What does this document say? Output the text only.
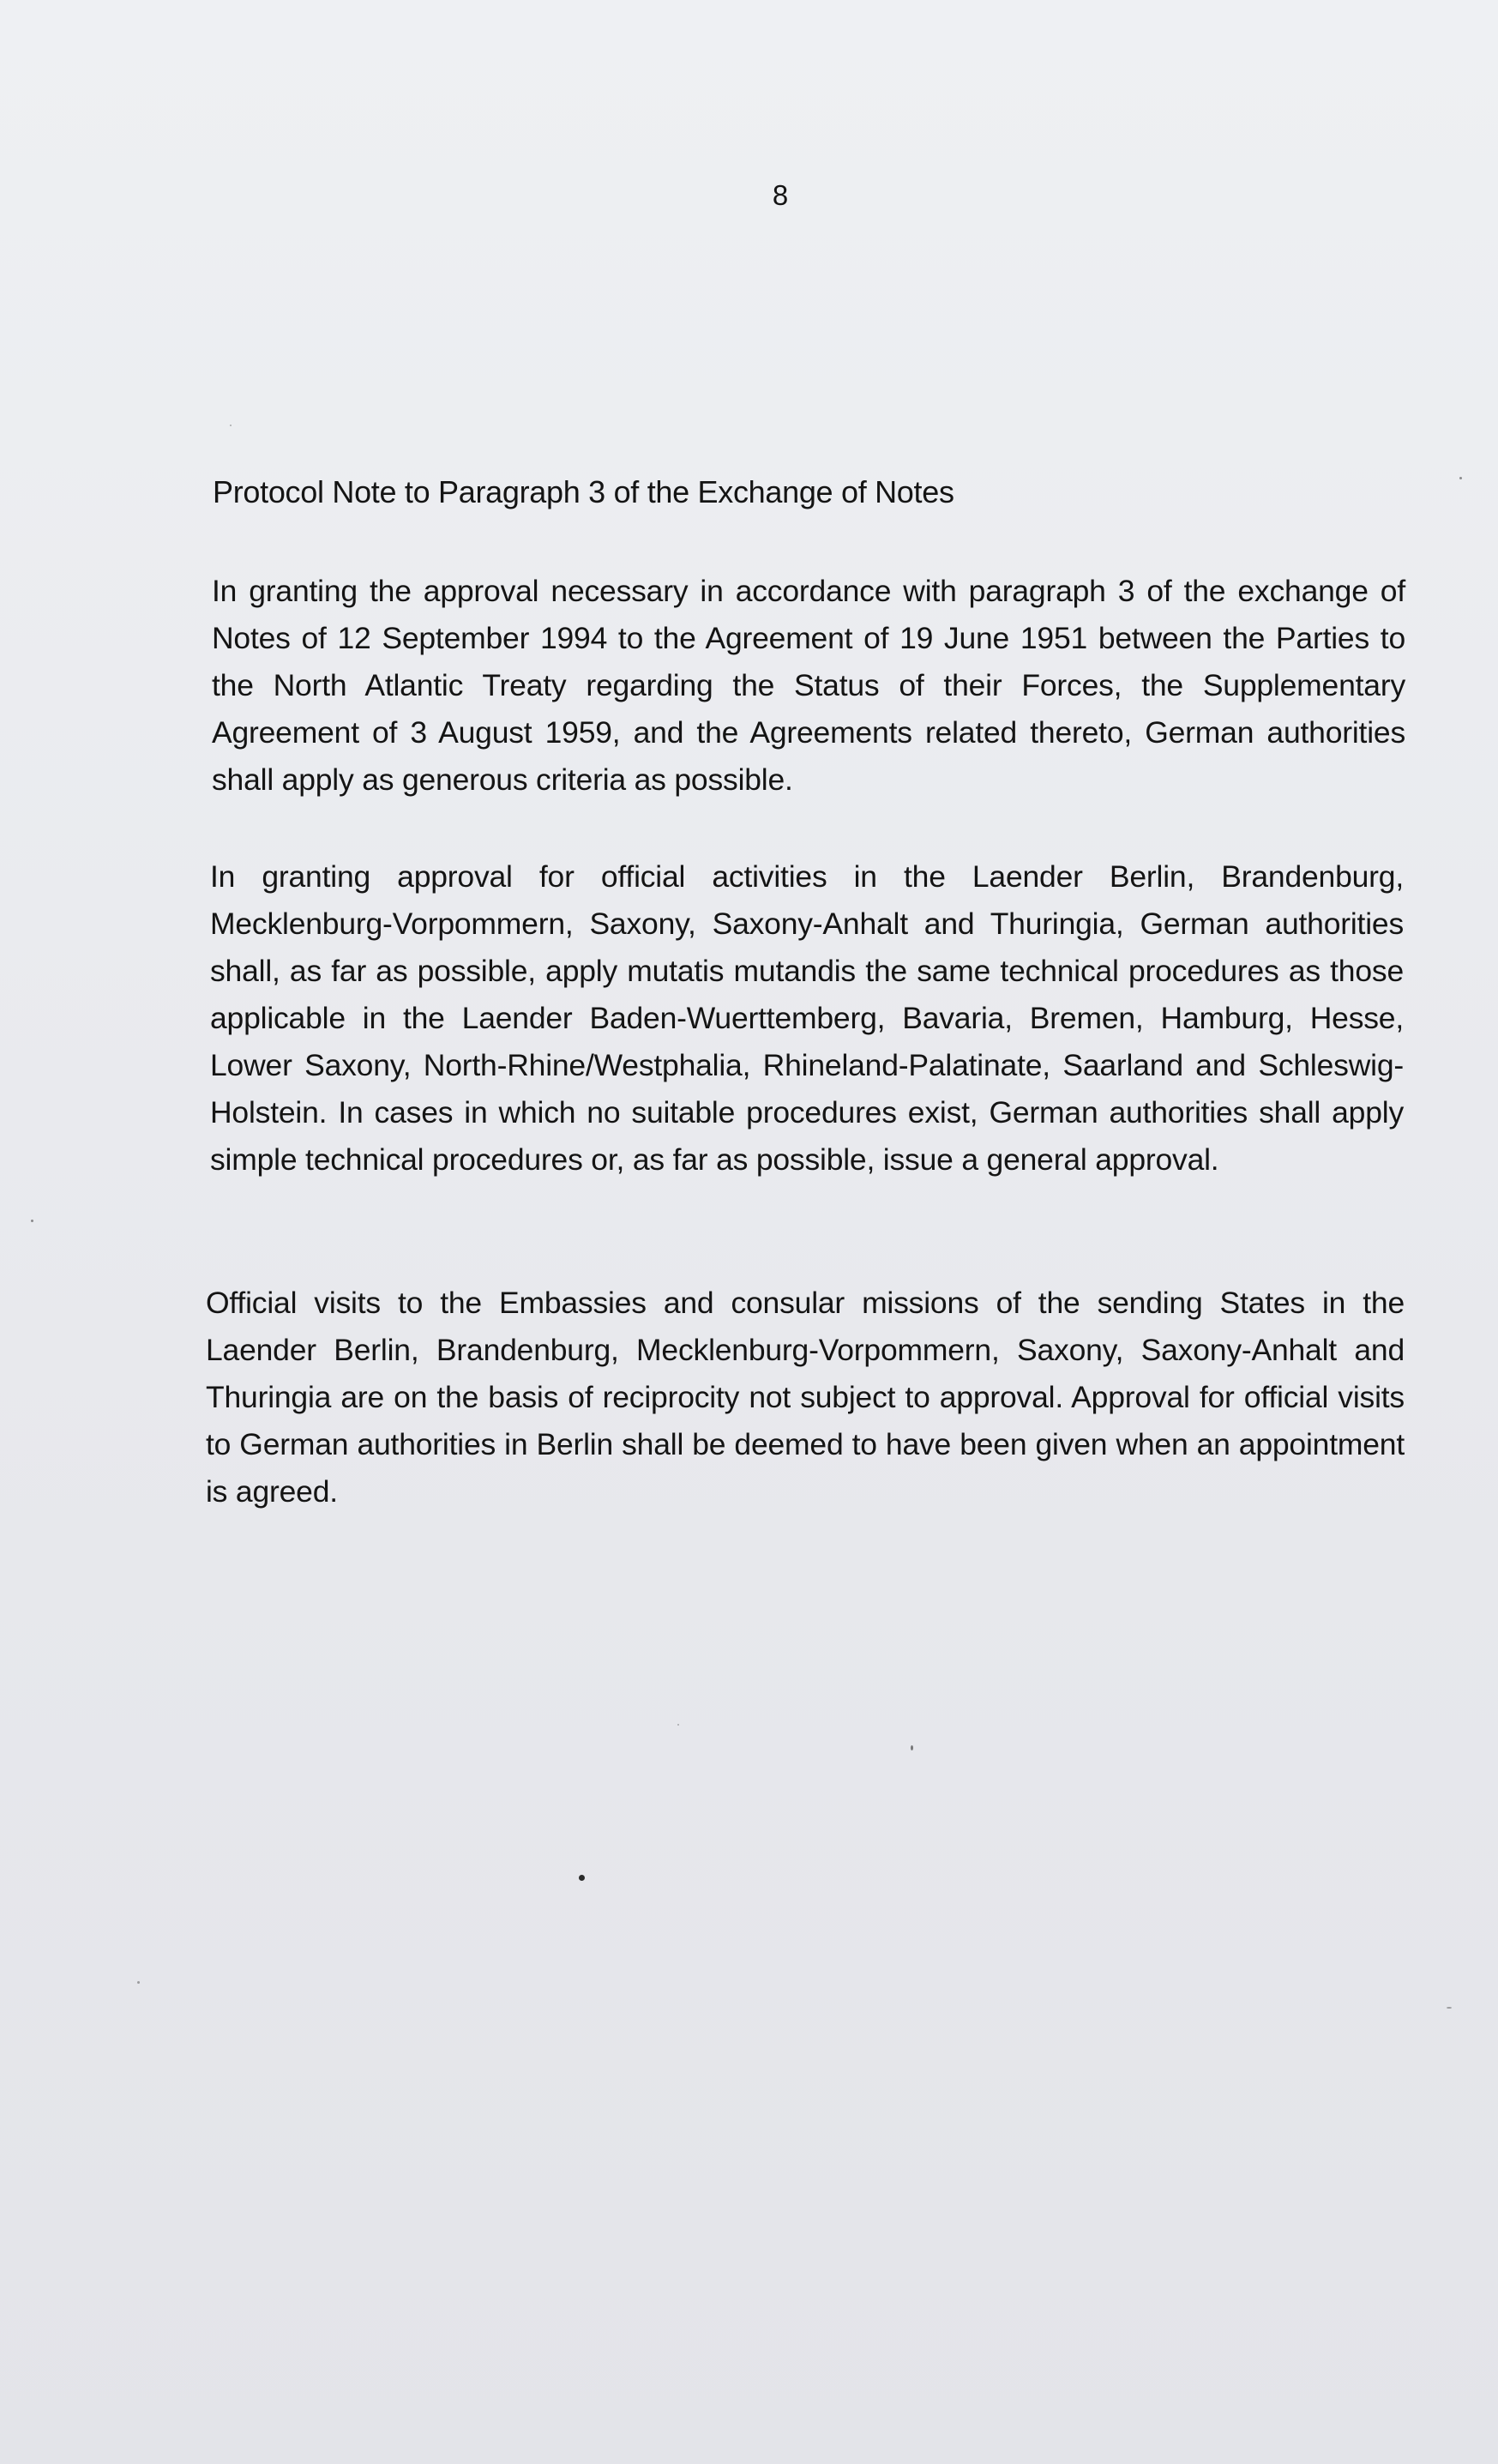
8
Protocol Note to Paragraph 3 of the Exchange of Notes

In granting the approval necessary in accordance with paragraph 3 of the exchange of Notes of 12 September 1994 to the Agreement of 19 June 1951 between the Parties to the North Atlantic Treaty regarding the Status of their Forces, the Supplementary Agreement of 3 August 1959, and the Agreements related thereto, German authorities shall apply as generous criteria as possible.

In granting approval for official activities in the Laender Berlin, Brandenburg, Mecklenburg-Vorpommern, Saxony, Saxony-Anhalt and Thuringia, German authorities shall, as far as possible, apply mutatis mutandis the same technical procedures as those applicable in the Laender Baden-Wuerttemberg, Bavaria, Bremen, Hamburg, Hesse, Lower Saxony, North-Rhine/Westphalia, Rhineland-Palatinate, Saarland and Schleswig-Holstein. In cases in which no suitable procedures exist, German authorities shall apply simple technical procedures or, as far as possible, issue a general approval.

Official visits to the Embassies and consular missions of the sending States in the Laender Berlin, Brandenburg, Mecklenburg-Vorpommern, Saxony, Saxony-Anhalt and Thuringia are on the basis of reciprocity not subject to approval. Approval for official visits to German authorities in Berlin shall be deemed to have been given when an appointment is agreed.
